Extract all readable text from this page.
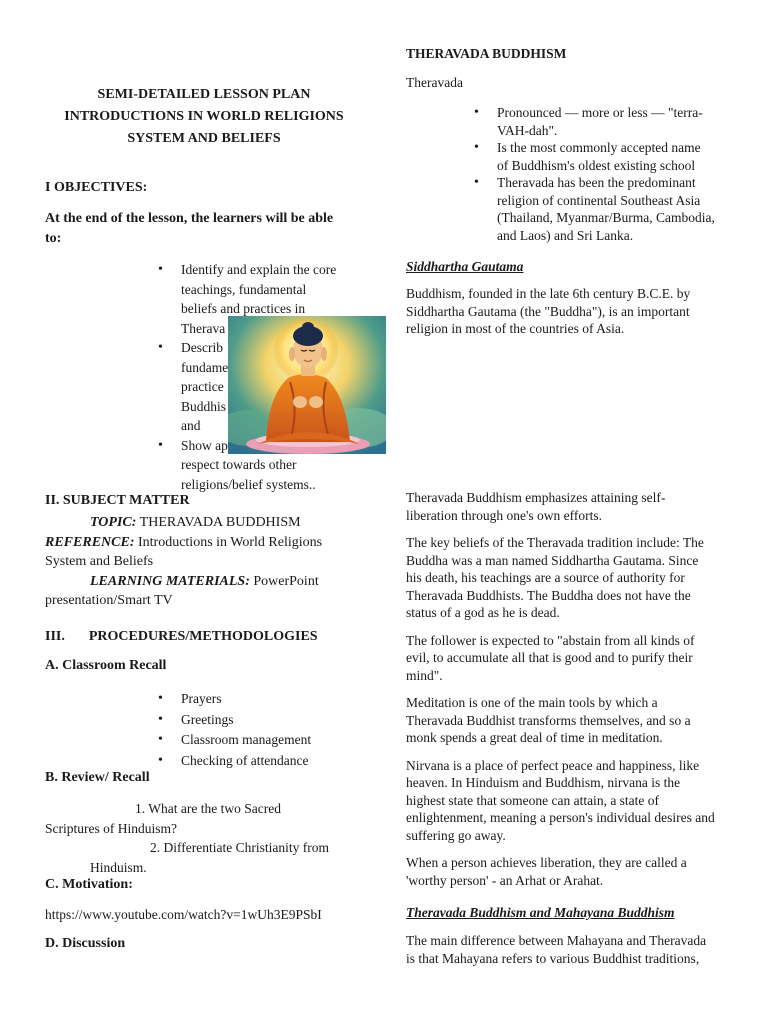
SEMI-DETAILED LESSON PLAN
INTRODUCTIONS IN WORLD RELIGIONS
SYSTEM AND BELIEFS
I OBJECTIVES:
At the end of the lesson, the learners will be able
to:
• Identify and explain the core
teachings, fundamental
beliefs and practices in
Therava
• Describ
fundame
practice
Buddhis
and
• Show ap
respect towards other
religions/belief systems..
II. SUBJECT MATTER
TOPIC: THERAVADA BUDDHISM
REFERENCE: Introductions in World Religions
System and Beliefs
LEARNING MATERIALS: PowerPoint
presentation/Smart TV
III. PROCEDURES/METHODOLOGIES
A. Classroom Recall
• Prayers
• Greetings
• Classroom management
• Checking of attendance
B. Review/ Recall
1. What are the two Sacred
Scriptures of Hinduism?
2. Differentiate Christianity from
Hinduism.
C. Motivation:
https://www.youtube.com/watch?v=1wUh3E9PSbI
D. Discussion
THERAVADA BUDDHISM
Theravada
• Pronounced — more or less — "terra-
VAH-dah".
• Is the most commonly accepted name
of Buddhism's oldest existing school
• Theravada has been the predominant
religion of continental Southeast Asia
(Thailand, Myanmar/Burma, Cambodia,
and Laos) and Sri Lanka.
Siddhartha Gautama
Buddhism, founded in the late 6th century B.C.E. by
Siddhartha Gautama (the "Buddha"), is an important
religion in most of the countries of Asia.

Theravada Buddhism emphasizes attaining self-
liberation through one's own efforts.

The key beliefs of the Theravada tradition include: The
Buddha was a man named Siddhartha Gautama. Since
his death, his teachings are a source of authority for
Theravada Buddhists. The Buddha does not have the
status of a god as he is dead.

The follower is expected to "abstain from all kinds of
evil, to accumulate all that is good and to purify their
mind".

Meditation is one of the main tools by which a
Theravada Buddhist transforms themselves, and so a
monk spends a great deal of time in meditation.

Nirvana is a place of perfect peace and happiness, like
heaven. In Hinduism and Buddhism, nirvana is the
highest state that someone can attain, a state of
enlightenment, meaning a person's individual desires and
suffering go away.

When a person achieves liberation, they are called a
'worthy person' - an Arhat or Arahat.

Theravada Buddhism and Mahayana Buddhism
The main difference between Mahayana and Theravada
is that Mahayana refers to various Buddhist traditions,
